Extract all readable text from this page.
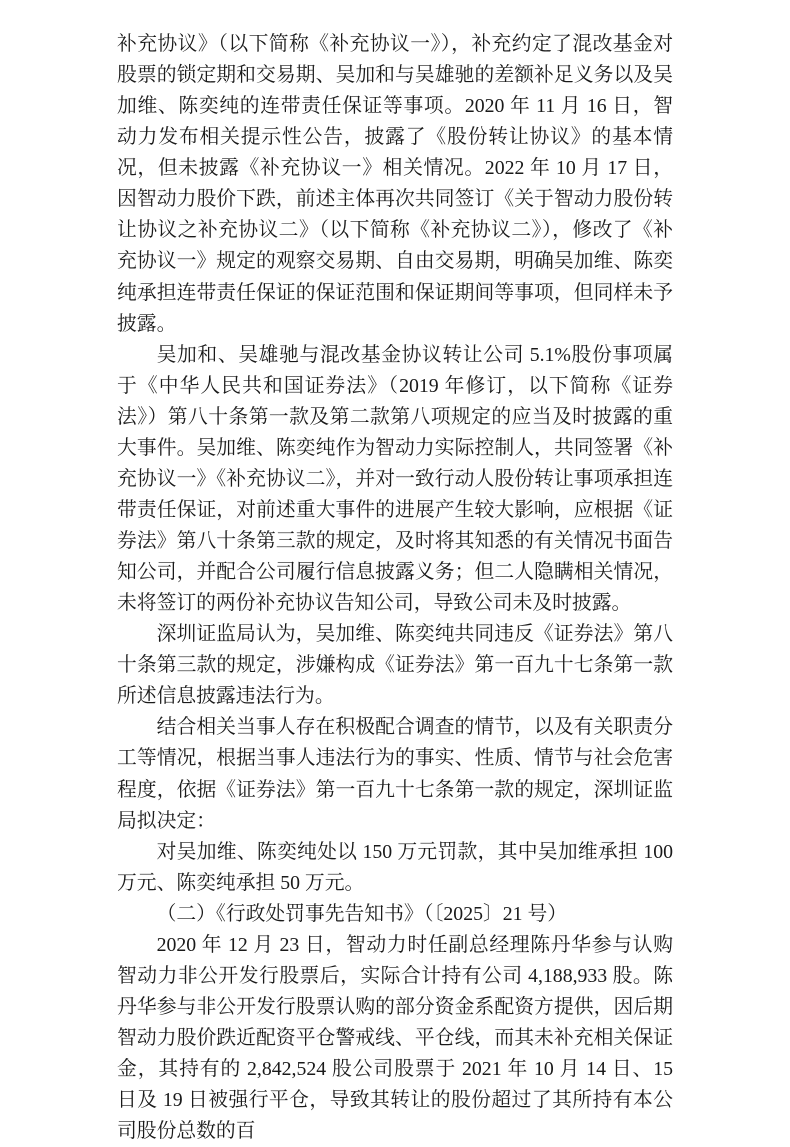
补充协议》（以下简称《补充协议一》），补充约定了混改基金对股票的锁定期和交易期、吴加和与吴雄驰的差额补足义务以及吴加维、陈奕纯的连带责任保证等事项。2020 年 11 月 16 日，智动力发布相关提示性公告，披露了《股份转让协议》的基本情况，但未披露《补充协议一》相关情况。2022 年 10 月 17 日，因智动力股价下跌，前述主体再次共同签订《关于智动力股份转让协议之补充协议二》（以下简称《补充协议二》），修改了《补充协议一》规定的观察交易期、自由交易期，明确吴加维、陈奕纯承担连带责任保证的保证范围和保证期间等事项，但同样未予披露。

吴加和、吴雄驰与混改基金协议转让公司 5.1%股份事项属于《中华人民共和国证券法》（2019 年修订，以下简称《证券法》）第八十条第一款及第二款第八项规定的应当及时披露的重大事件。吴加维、陈奕纯作为智动力实际控制人，共同签署《补充协议一》《补充协议二》，并对一致行动人股份转让事项承担连带责任保证，对前述重大事件的进展产生较大影响，应根据《证券法》第八十条第三款的规定，及时将其知悉的有关情况书面告知公司，并配合公司履行信息披露义务；但二人隐瞒相关情况，未将签订的两份补充协议告知公司，导致公司未及时披露。

深圳证监局认为，吴加维、陈奕纯共同违反《证券法》第八十条第三款的规定，涉嫌构成《证券法》第一百九十七条第一款所述信息披露违法行为。

结合相关当事人存在积极配合调查的情节，以及有关职责分工等情况，根据当事人违法行为的事实、性质、情节与社会危害程度，依据《证券法》第一百九十七条第一款的规定，深圳证监局拟决定：

对吴加维、陈奕纯处以 150 万元罚款，其中吴加维承担 100 万元、陈奕纯承担 50 万元。

（二）《行政处罚事先告知书》（〔2025〕21 号）

2020 年 12 月 23 日，智动力时任副总经理陈丹华参与认购智动力非公开发行股票后，实际合计持有公司 4,188,933 股。陈丹华参与非公开发行股票认购的部分资金系配资方提供，因后期智动力股价跌近配资平仓警戒线、平仓线，而其未补充相关保证金，其持有的 2,842,524 股公司股票于 2021 年 10 月 14 日、15 日及 19 日被强行平仓，导致其转让的股份超过了其所持有本公司股份总数的百
